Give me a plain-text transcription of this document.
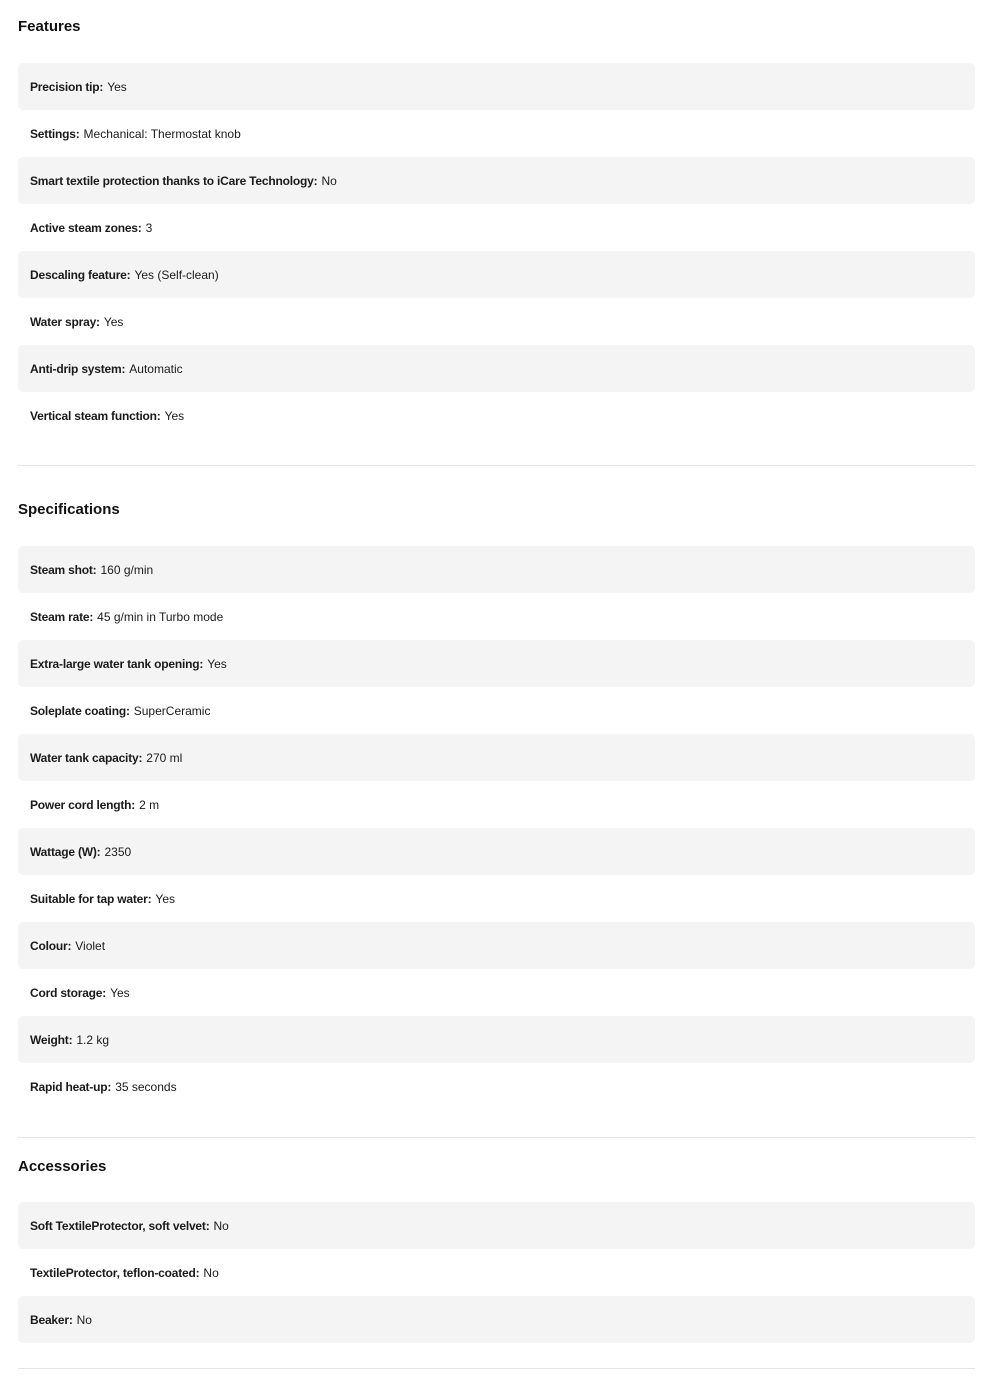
Features
Precision tip: Yes
Settings: Mechanical: Thermostat knob
Smart textile protection thanks to iCare Technology: No
Active steam zones: 3
Descaling feature: Yes (Self-clean)
Water spray: Yes
Anti-drip system: Automatic
Vertical steam function: Yes
Specifications
Steam shot: 160 g/min
Steam rate: 45 g/min in Turbo mode
Extra-large water tank opening: Yes
Soleplate coating: SuperCeramic
Water tank capacity: 270 ml
Power cord length: 2 m
Wattage (W): 2350
Suitable for tap water: Yes
Colour: Violet
Cord storage: Yes
Weight: 1.2 kg
Rapid heat-up: 35 seconds
Accessories
Soft TextileProtector, soft velvet: No
TextileProtector, teflon-coated: No
Beaker: No
